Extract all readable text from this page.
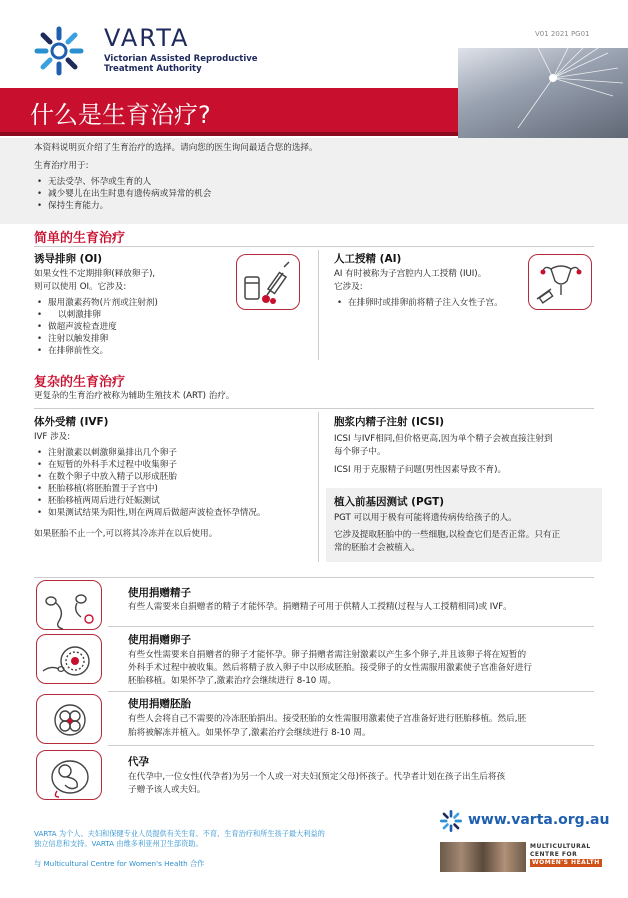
VARTA
Victorian Assisted Reproductive
Treatment Authority
V01 2021 PG01
什么是生育治疗?
本资料说明页介绍了生育治疗的选择。请向您的医生询问最适合您的选择。
生育治疗用于:
• 无法受孕、怀孕或生育的人
• 减少婴儿在出生时患有遗传病或异常的机会
• 保持生育能力。
简单的生育治疗
诱导排卵 (OI)
如果女性不定期排卵(释放卵子),
则可以使用 OI。它涉及:
• 服用激素药物(片剂或注射剂)
• 以刺激排卵
• 做超声波检查进度
• 注射以触发排卵
• 在排卵前性交。
人工授精 (AI)
AI 有时被称为子宫腔内人工授精 (IUI)。
它涉及:
• 在排卵时或排卵前将精子注入女性子宫。
复杂的生育治疗
更复杂的生育治疗被称为辅助生殖技术 (ART) 治疗。
体外受精 (IVF)
IVF 涉及:
• 注射激素以刺激卵巢排出几个卵子
• 在短暂的外科手术过程中收集卵子
• 在数个卵子中放入精子以形成胚胎
• 胚胎移植(将胚胎置于子宫中)
• 胚胎移植两周后进行妊娠测试
• 如果测试结果为阳性,则在两周后做超声波检查怀孕情况。
如果胚胎不止一个,可以将其冷冻并在以后使用。
胞浆内精子注射 (ICSI)
ICSI 与IVF相同,但价格更高,因为单个精子会被直接注射到
每个卵子中。
ICSI 用于克服精子问题(男性因素导致不育)。
植入前基因测试 (PGT)
PGT 可以用于极有可能将遗传病传给孩子的人。
它涉及提取胚胎中的一些细胞,以检查它们是否正常。只有正
常的胚胎才会被植入。
使用捐赠精子
有些人需要来自捐赠者的精子才能怀孕。捐赠精子可用于供精人工授精(过程与人工授精相同)或 IVF。
使用捐赠卵子
有些女性需要来自捐赠者的卵子才能怀孕。卵子捐赠者需注射激素以产生多个卵子,并且该卵子将在短暂的
外科手术过程中被收集。然后将精子放入卵子中以形成胚胎。接受卵子的女性需服用激素使子宫准备好进行
胚胎移植。如果怀孕了,激素治疗会继续进行 8-10 周。
使用捐赠胚胎
有些人会将自己不需要的冷冻胚胎捐出。接受胚胎的女性需服用激素使子宫准备好进行胚胎移植。然后,胚
胎将被解冻并植入。如果怀孕了,激素治疗会继续进行 8-10 周。
代孕
在代孕中,一位女性(代孕者)为另一个人或一对夫妇(预定父母)怀孩子。代孕者计划在孩子出生后将孩
子赠予该人或夫妇。
VARTA 为个人、夫妇和保健专业人员提供有关生育、不育、生育治疗和所生孩子最大利益的
独立信息和支持。VARTA 由维多利亚州卫生部资助。
与 Multicultural Centre for Women's Health 合作
www.varta.org.au
MULTICULTURAL
CENTRE FOR
WOMEN'S HEALTH
